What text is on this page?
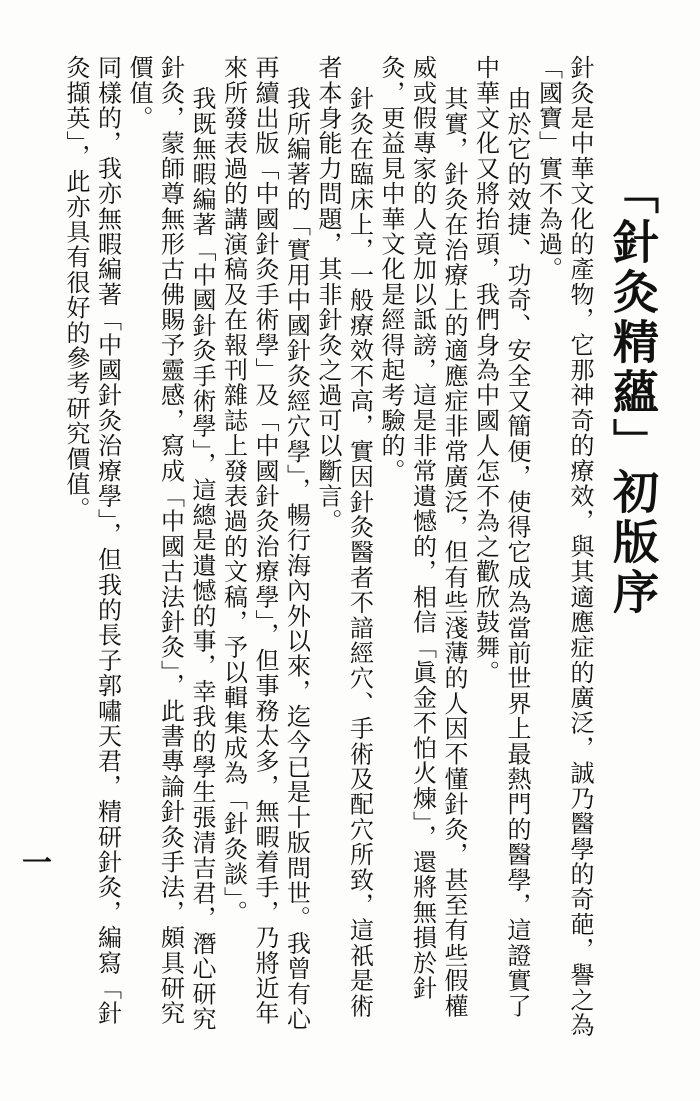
「針灸精蘊」初版序

針灸是中華文化的產物，它那神奇的療效，與其適應症的廣泛，誠乃醫學的奇葩，譽之為「國寶」實不為過。

由於它的效捷、功奇、安全又簡便，使得它成為當前世界上最熱門的醫學，這證實了中華文化又將抬頭，我們身為中國人怎不為之歡欣鼓舞。

其實，針灸在治療上的適應症非常廣泛，但有些淺薄的人因不懂針灸，甚至有些假權威或假專家的人竟加以詆謗，這是非常遺憾的，相信「眞金不怕火煉」，還將無損於針灸，更益見中華文化是經得起考驗的。

針灸在臨床上，一般療效不高，實因針灸醫者不諳經穴、手術及配穴所致，這祇是術者本身能力問題，其非針灸之過可以斷言。

我所編著的「實用中國針灸經穴學」，暢行海內外以來，迄今已是十版問世。我曾有心再續出版「中國針灸手術學」及「中國針灸治療學」，但事務太多，無暇着手，乃將近年來所發表過的講演稿及在報刊雜誌上發表過的文稿，予以輯集成為「針灸談」。

我既無暇編著「中國針灸手術學」，這總是遺憾的事，幸我的學生張清吉君，潛心研究針灸，蒙師尊無形古佛賜予靈感，寫成「中國古法針灸」，此書專論針灸手法，頗具研究價值。

同樣的，我亦無暇編著「中國針灸治療學」，但我的長子郭嘯天君，精研針灸，編寫「針灸擷英」，此亦具有很好的參考研究價值。

一
